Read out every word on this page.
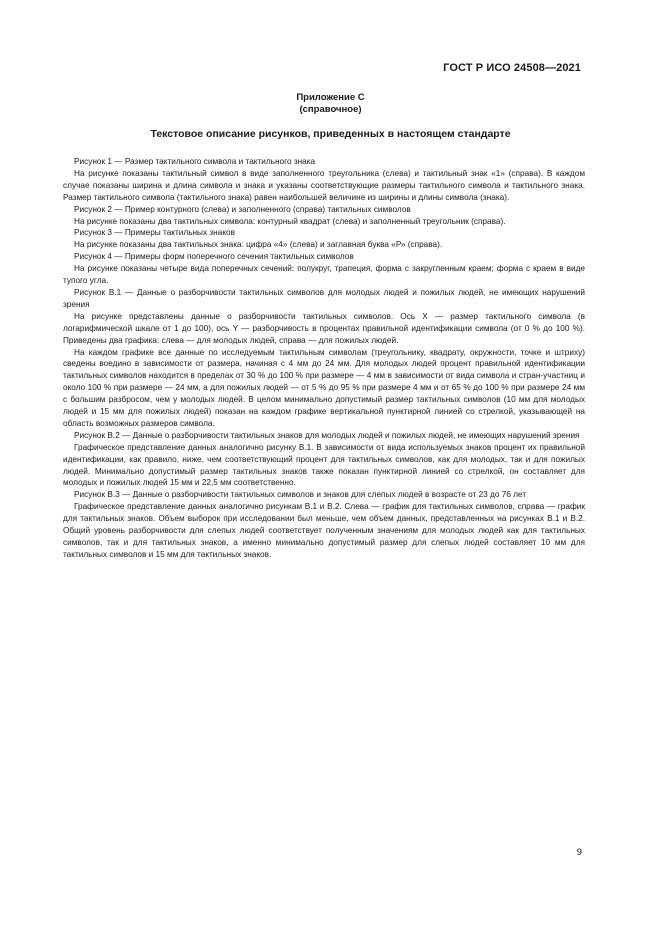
ГОСТ Р ИСО 24508—2021
Приложение С
(справочное)
Текстовое описание рисунков, приведенных в настоящем стандарте

Рисунок 1 — Размер тактильного символа и тактильного знака

На рисунке показаны тактильный символ в виде заполненного треугольника (слева) и тактильный знак «1» (справа). В каждом случае показаны ширина и длина символа и знака и указаны соответствующие размеры тактильного символа и тактильного знака. Размер тактильного символа (тактильного знака) равен наибольшей величине из ширины и длины символа (знака).

Рисунок 2 — Пример контурного (слева) и заполненного (справа) тактильных символов

На рисунке показаны два тактильных символа: контурный квадрат (слева) и заполненный треугольник (справа).

Рисунок 3 — Примеры тактильных знаков

На рисунке показаны два тактильных знака: цифра «4» (слева) и заглавная буква «Р» (справа).

Рисунок 4 — Примеры форм поперечного сечения тактильных символов

На рисунке показаны четыре вида поперечных сечений: полукруг, трапеция, форма с закругленным краем; форма с краем в виде тупого угла.

Рисунок В.1 — Данные о разборчивости тактильных символов для молодых людей и пожилых людей, не имеющих нарушений зрения

На рисунке представлены данные о разборчивости тактильных символов. Ось Х — размер тактильного символа (в логарифмической шкале от 1 до 100), ось Y — разборчивость в процентах правильной идентификации символа (от 0 % до 100 %). Приведены два графика: слева — для молодых людей, справа — для пожилых людей.

На каждом графике все данные по исследуемым тактильным символам (треугольнику, квадрату, окружности, точке и штриху) сведены воедино в зависимости от размера, начиная с 4 мм до 24 мм. Для молодых людей процент правильной идентификации тактильных символов находится в пределах от 30 % до 100 % при размере — 4 мм в зависимости от вида символа и стран-участниц и около 100 % при размере — 24 мм, а для пожилых людей — от 5 % до 95 % при размере 4 мм и от 65 % до 100 % при размере 24 мм с большим разбросом, чем у молодых людей. В целом минимально допустимый размер тактильных символов (10 мм для молодых людей и 15 мм для пожилых людей) показан на каждом графике вертикальной пунктирной линией со стрелкой, указывающей на область возможных размеров символа.

Рисунок В.2 — Данные о разборчивости тактильных знаков для молодых людей и пожилых людей, не имеющих нарушений зрения

Графическое представление данных аналогично рисунку В.1. В зависимости от вида используемых знаков процент их правильной идентификации, как правило, ниже, чем соответствующий процент для тактильных символов, как для молодых, так и для пожилых людей. Минимально допустимый размер тактильных знаков также показан пунктирной линией со стрелкой, он составляет для молодых и пожилых людей 15 мм и 22,5 мм соответственно.

Рисунок В.3 — Данные о разборчивости тактильных символов и знаков для слепых людей в возрасте от 23 до 76 лет

Графическое представление данных аналогично рисункам В.1 и В.2. Слева — график для тактильных символов, справа — график для тактильных знаков. Объем выборок при исследовании был меньше, чем объем данных, представленных на рисунках В.1 и В.2. Общий уровень разборчивости для слепых людей соответствует полученным значениям для молодых людей как для тактильных символов, так и для тактильных знаков, а именно минимально допустимый размер для слепых людей составляет 10 мм для тактильных символов и 15 мм для тактильных знаков.

9
